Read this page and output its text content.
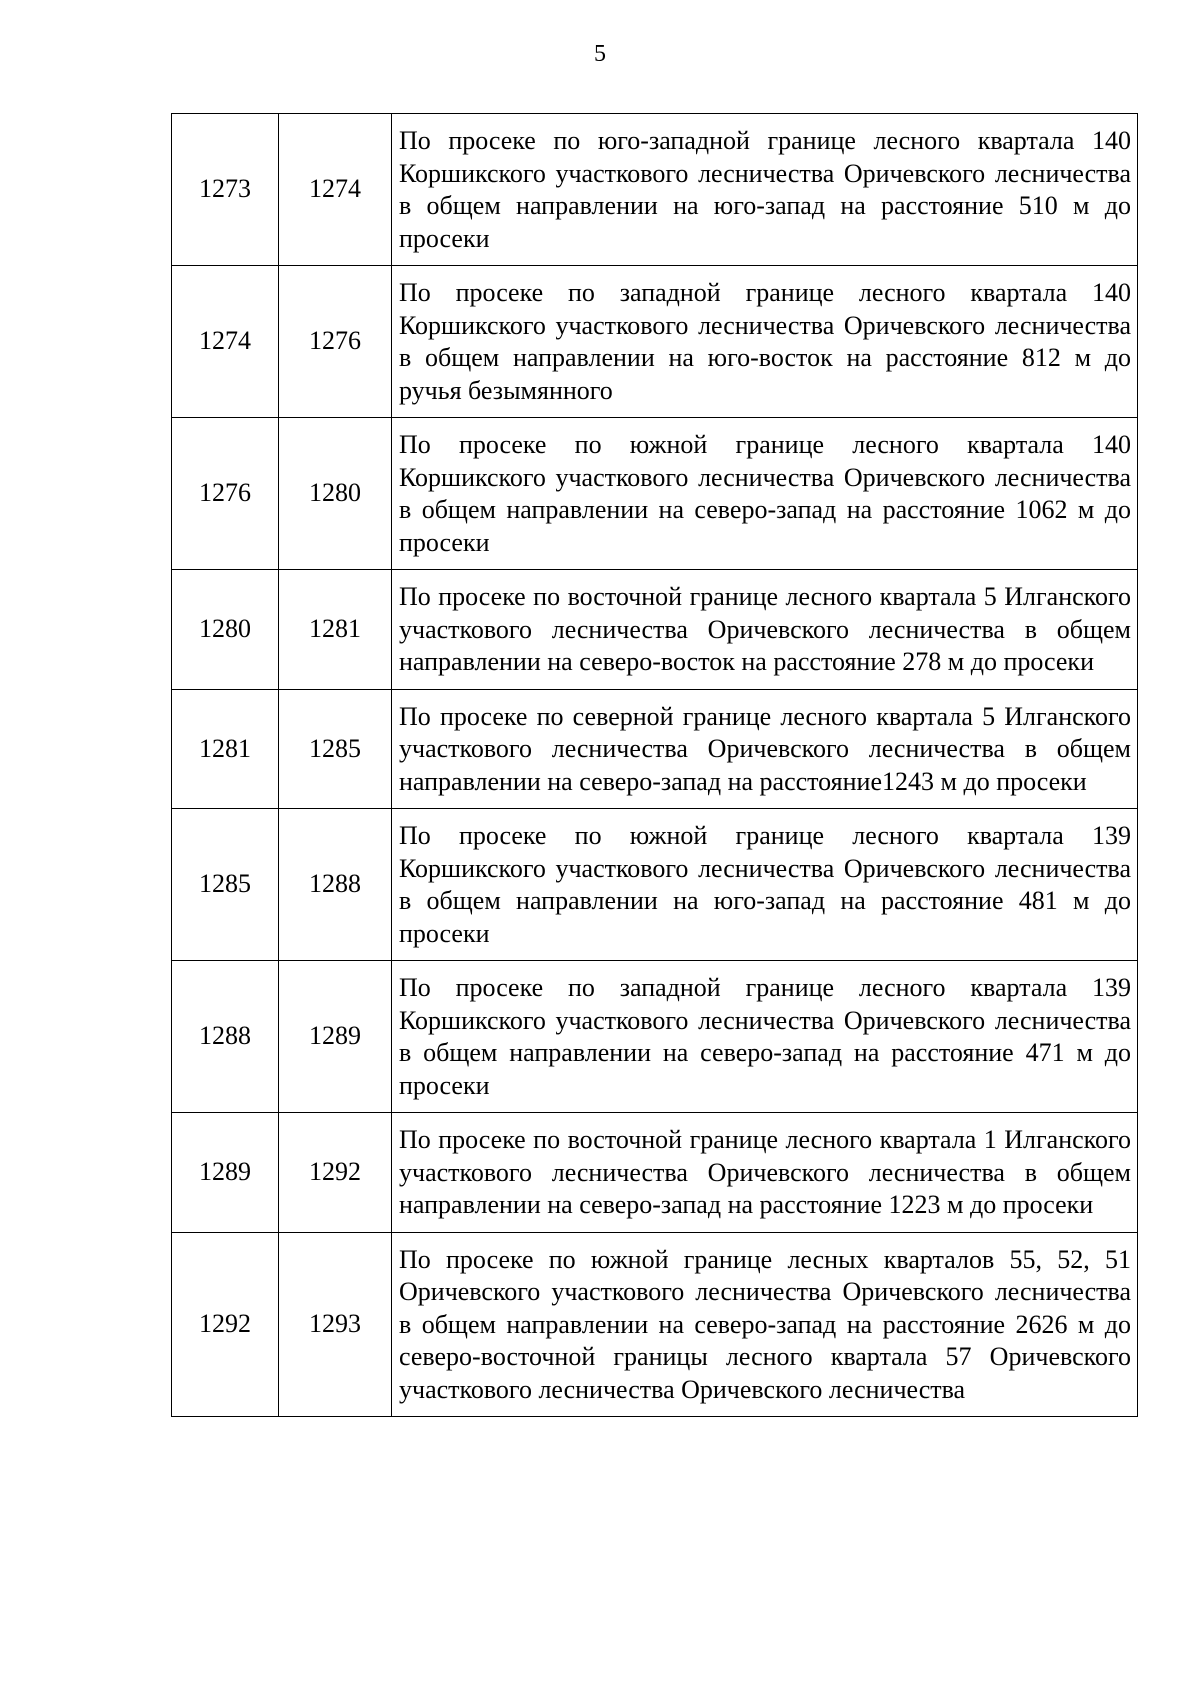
5
1273	1274	По просеке по юго-западной границе лесного квартала 140 Коршикского участкового лесничества Оричевского лесничества в общем направлении на юго-запад на расстояние 510 м до просеки

1274	1276	По просеке по западной границе лесного квартала 140 Коршикского участкового лесничества Оричевского лесничества в общем направлении на юго-восток на расстояние 812 м до ручья безымянного

1276	1280	По просеке по южной границе лесного квартала 140 Коршикского участкового лесничества Оричевского лесничества в общем направлении на северо-запад на расстояние 1062 м до просеки

1280	1281	По просеке по восточной границе лесного квартала 5 Илганского участкового лесничества Оричевского лесничества в общем направлении на северо-восток на расстояние 278 м до просеки

1281	1285	По просеке по северной границе лесного квартала 5 Илганского участкового лесничества Оричевского лесничества в общем направлении на северо-запад на расстояние1243 м до просеки

1285	1288	По просеке по южной границе лесного квартала 139 Коршикского участкового лесничества Оричевского лесничества в общем направлении на юго-запад на расстояние 481 м до просеки

1288	1289	По просеке по западной границе лесного квартала 139 Коршикского участкового лесничества Оричевского лесничества в общем направлении на северо-запад на расстояние 471 м до просеки

1289	1292	По просеке по восточной границе лесного квартала 1 Илганского участкового лесничества Оричевского лесничества в общем направлении на северо-запад на расстояние 1223 м до просеки

1292	1293	По просеке по южной границе лесных кварталов 55, 52, 51 Оричевского участкового лесничества Оричевского лесничества в общем направлении на северо-запад на расстояние 2626 м до северо-восточной границы лесного квартала 57 Оричевского участкового лесничества Оричевского лесничества
